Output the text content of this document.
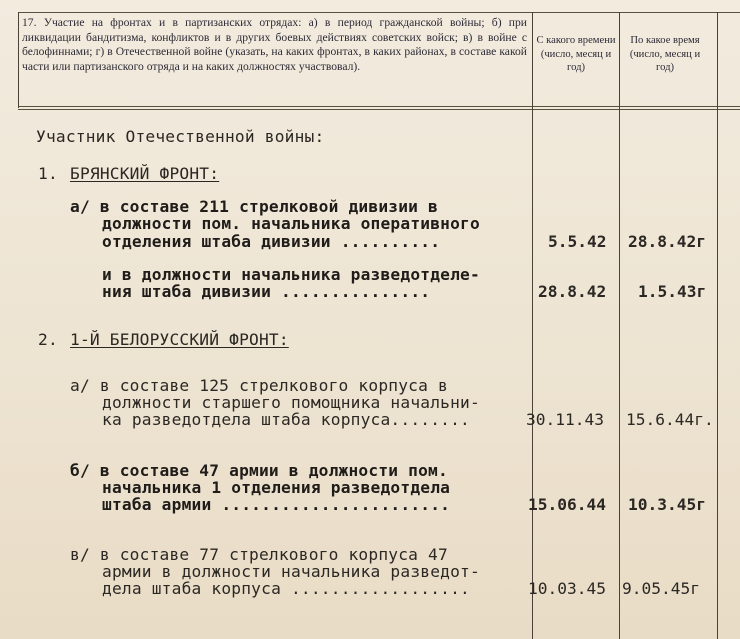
17. Участие на фронтах и в партизанских отрядах: а) в период гражданской войны; б) при ликвидации бандитизма, конфликтов и в других боевых действиях советских войск; в) в войне с белофиннами; г) в Отечественной войне (указать, на каких фронтах, в каких районах, в составе какой части или партизанского отряда и на каких должностях участвовал).
С какого времени (число, месяц и год)
По какое время (число, месяц и год)
Участник Отечественной войны:
1. БРЯНСКИЙ ФРОНТ:
а/ в составе 211 стрелковой дивизии в
должности пом. начальника оперативного
отделения штаба дивизии ..........	5.5.42 28.8.42г
и в должности начальника разведотделе-
ния штаба дивизии ...............	28.8.42 1.5.43г
2. 1-Й БЕЛОРУССКИЙ ФРОНТ:
а/ в составе 125 стрелкового корпуса в
должности старшего помощника начальни-
ка разведотдела штаба корпуса........	30.11.43 15.6.44г.
б/ в составе 47 армии в должности пом.
начальника 1 отделения разведотдела
штаба армии .......................	15.06.44 10.3.45г
в/ в составе 77 стрелкового корпуса 47
армии в должности начальника разведот-
дела штаба корпуса ..................	10.03.45 9.05.45г
